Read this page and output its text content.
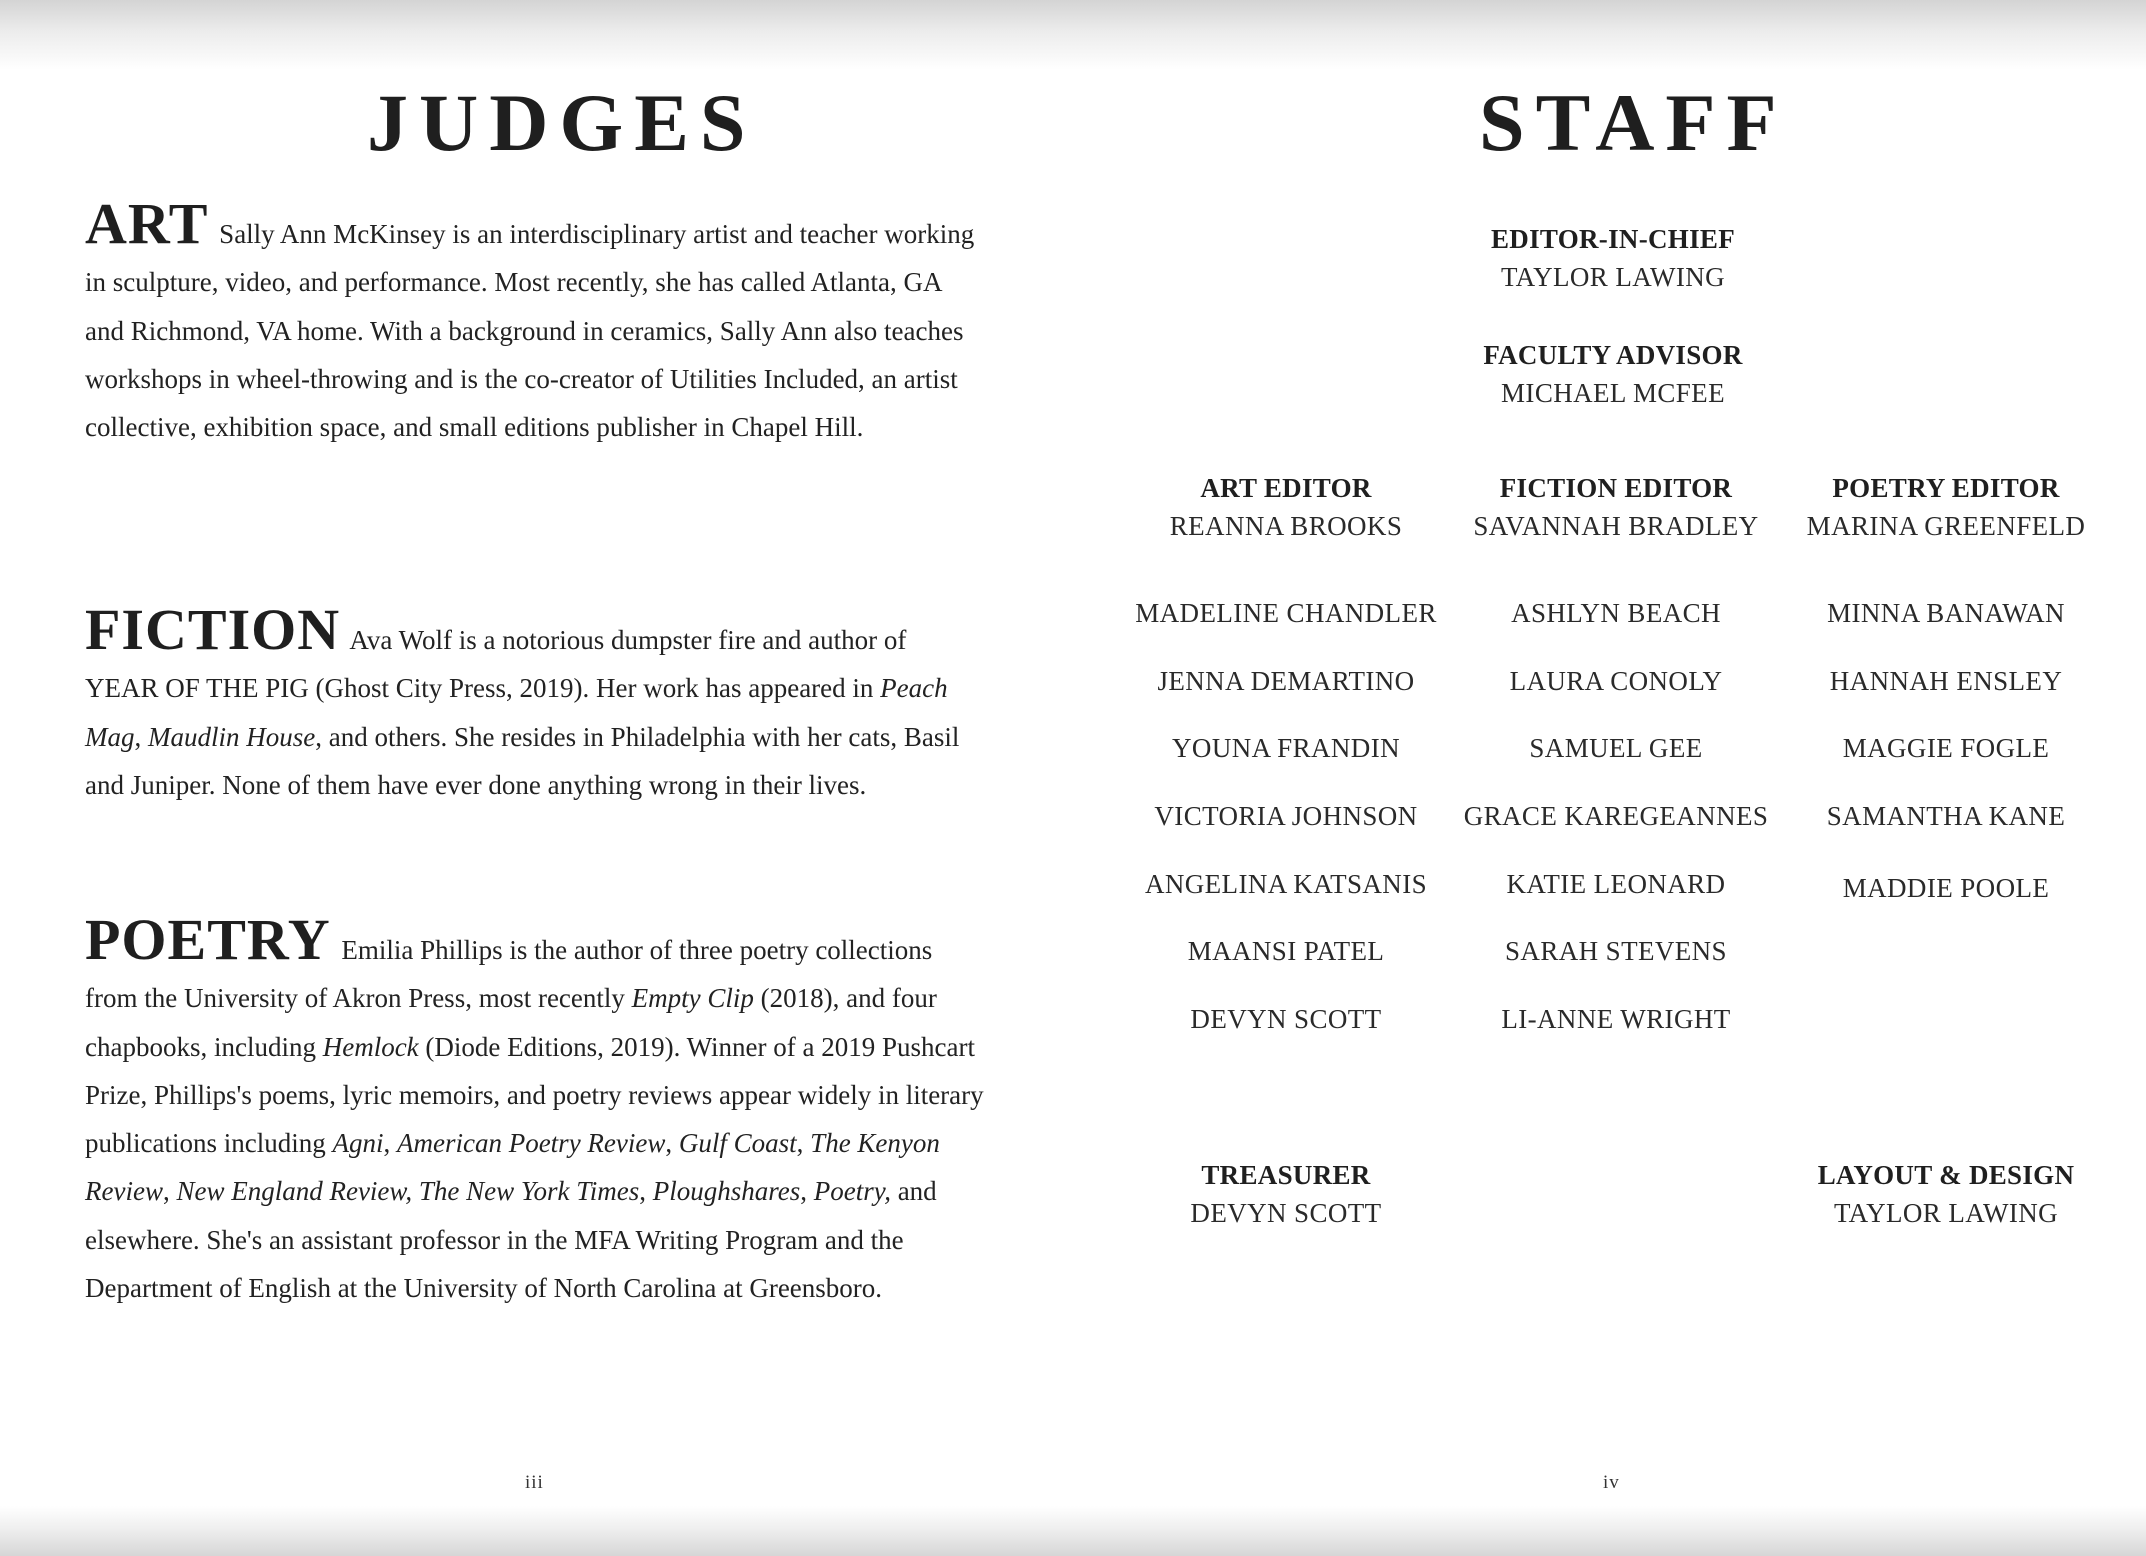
JUDGES

ART Sally Ann McKinsey is an interdisciplinary artist and teacher working in sculpture, video, and performance. Most recently, she has called Atlanta, GA and Richmond, VA home. With a background in ceramics, Sally Ann also teaches workshops in wheel-throwing and is the co-creator of Utilities Included, an artist collective, exhibition space, and small editions publisher in Chapel Hill.

FICTION Ava Wolf is a notorious dumpster fire and author of YEAR OF THE PIG (Ghost City Press, 2019). Her work has appeared in Peach Mag, Maudlin House, and others. She resides in Philadelphia with her cats, Basil and Juniper. None of them have ever done anything wrong in their lives.

POETRY Emilia Phillips is the author of three poetry collections from the University of Akron Press, most recently Empty Clip (2018), and four chapbooks, including Hemlock (Diode Editions, 2019). Winner of a 2019 Pushcart Prize, Phillips's poems, lyric memoirs, and poetry reviews appear widely in literary publications including Agni, American Poetry Review, Gulf Coast, The Kenyon Review, New England Review, The New York Times, Ploughshares, Poetry, and elsewhere. She's an assistant professor in the MFA Writing Program and the Department of English at the University of North Carolina at Greensboro.

iii
STAFF
EDITOR-IN-CHIEF
TAYLOR LAWING
FACULTY ADVISOR
MICHAEL MCFEE
ART EDITOR
REANNA BROOKS
FICTION EDITOR
SAVANNAH BRADLEY
POETRY EDITOR
MARINA GREENFELD
MADELINE CHANDLER
JENNA DEMARTINO
YOUNA FRANDIN
VICTORIA JOHNSON
ANGELINA KATSANIS
MAANSI PATEL
DEVYN SCOTT
ASHLYN BEACH
LAURA CONOLY
SAMUEL GEE
GRACE KAREGEANNES
KATIE LEONARD
SARAH STEVENS
LI-ANNE WRIGHT
MINNA BANAWAN
HANNAH ENSLEY
MAGGIE FOGLE
SAMANTHA KANE
MADDIE POOLE
TREASURER
DEVYN SCOTT
LAYOUT & DESIGN
TAYLOR LAWING
iv
